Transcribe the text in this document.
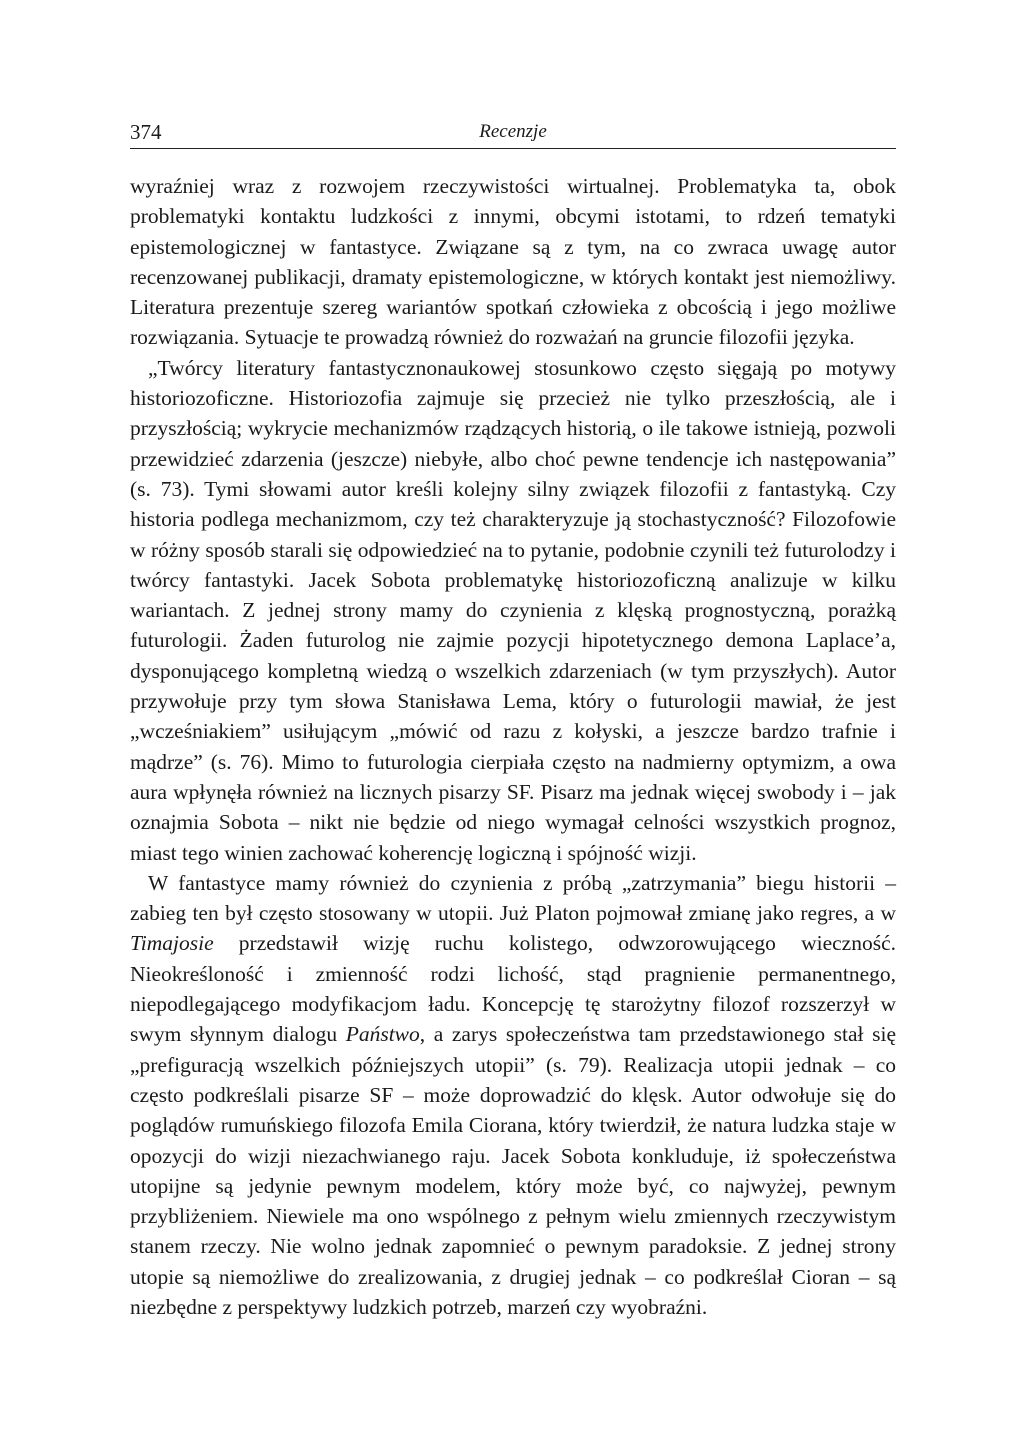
374	Recenzje

wyraźniej wraz z rozwojem rzeczywistości wirtualnej. Problematyka ta, obok problematyki kontaktu ludzkości z innymi, obcymi istotami, to rdzeń tematyki epistemologicznej w fantastyce. Związane są z tym, na co zwraca uwagę autor recenzowanej publikacji, dramaty epistemologiczne, w których kontakt jest niemożliwy. Literatura prezentuje szereg wariantów spotkań człowieka z obcością i jego możliwe rozwiązania. Sytuacje te prowadzą również do rozważań na gruncie filozofii języka.

„Twórcy literatury fantastycznonaukowej stosunkowo często sięgają po motywy historiozoficzne. Historiozofia zajmuje się przecież nie tylko przeszłością, ale i przyszłością; wykrycie mechanizmów rządzących historią, o ile takowe istnieją, pozwoli przewidzieć zdarzenia (jeszcze) niebyłe, albo choć pewne tendencje ich następowania” (s. 73). Tymi słowami autor kreśli kolejny silny związek filozofii z fantastyką. Czy historia podlega mechanizmom, czy też charakteryzuje ją stochastyczność? Filozofowie w różny sposób starali się odpowiedzieć na to pytanie, podobnie czynili też futurolodzy i twórcy fantastyki. Jacek Sobota problematykę historiozoficzną analizuje w kilku wariantach. Z jednej strony mamy do czynienia z klęską prognostyczną, porażką futurologii. Żaden futurolog nie zajmie pozycji hipotetycznego demona Laplace’a, dysponującego kompletną wiedzą o wszelkich zdarzeniach (w tym przyszłych). Autor przywołuje przy tym słowa Stanisława Lema, który o futurologii mawiał, że jest „wcześniakiem” usiłującym „mówić od razu z kołyski, a jeszcze bardzo trafnie i mądrze” (s. 76). Mimo to futurologia cierpiała często na nadmierny optymizm, a owa aura wpłynęła również na licznych pisarzy SF. Pisarz ma jednak więcej swobody i – jak oznajmia Sobota – nikt nie będzie od niego wymagał celności wszystkich prognoz, miast tego winien zachować koherencję logiczną i spójność wizji.

W fantastyce mamy również do czynienia z próbą „zatrzymania” biegu historii – zabieg ten był często stosowany w utopii. Już Platon pojmował zmianę jako regres, a w Timajosie przedstawił wizję ruchu kolistego, odwzorowującego wieczność. Nieokreśloność i zmienność rodzi lichość, stąd pragnienie permanentnego, niepodlegającego modyfikacjom ładu. Koncepcję tę starożytny filozof rozszerzył w swym słynnym dialogu Państwo, a zarys społeczeństwa tam przedstawionego stał się „prefiguracją wszelkich późniejszych utopii” (s. 79). Realizacja utopii jednak – co często podkreślali pisarze SF – może doprowadzić do klęsk. Autor odwołuje się do poglądów rumuńskiego filozofa Emila Ciorana, który twierdził, że natura ludzka staje w opozycji do wizji niezachwianego raju. Jacek Sobota konkluduje, iż społeczeństwa utopijne są jedynie pewnym modelem, który może być, co najwyżej, pewnym przybliżeniem. Niewiele ma ono wspólnego z pełnym wielu zmiennych rzeczywistym stanem rzeczy. Nie wolno jednak zapomnieć o pewnym paradoksie. Z jednej strony utopie są niemożliwe do zrealizowania, z drugiej jednak – co podkreślał Cioran – są niezbędne z perspektywy ludzkich potrzeb, marzeń czy wyobraźni.
